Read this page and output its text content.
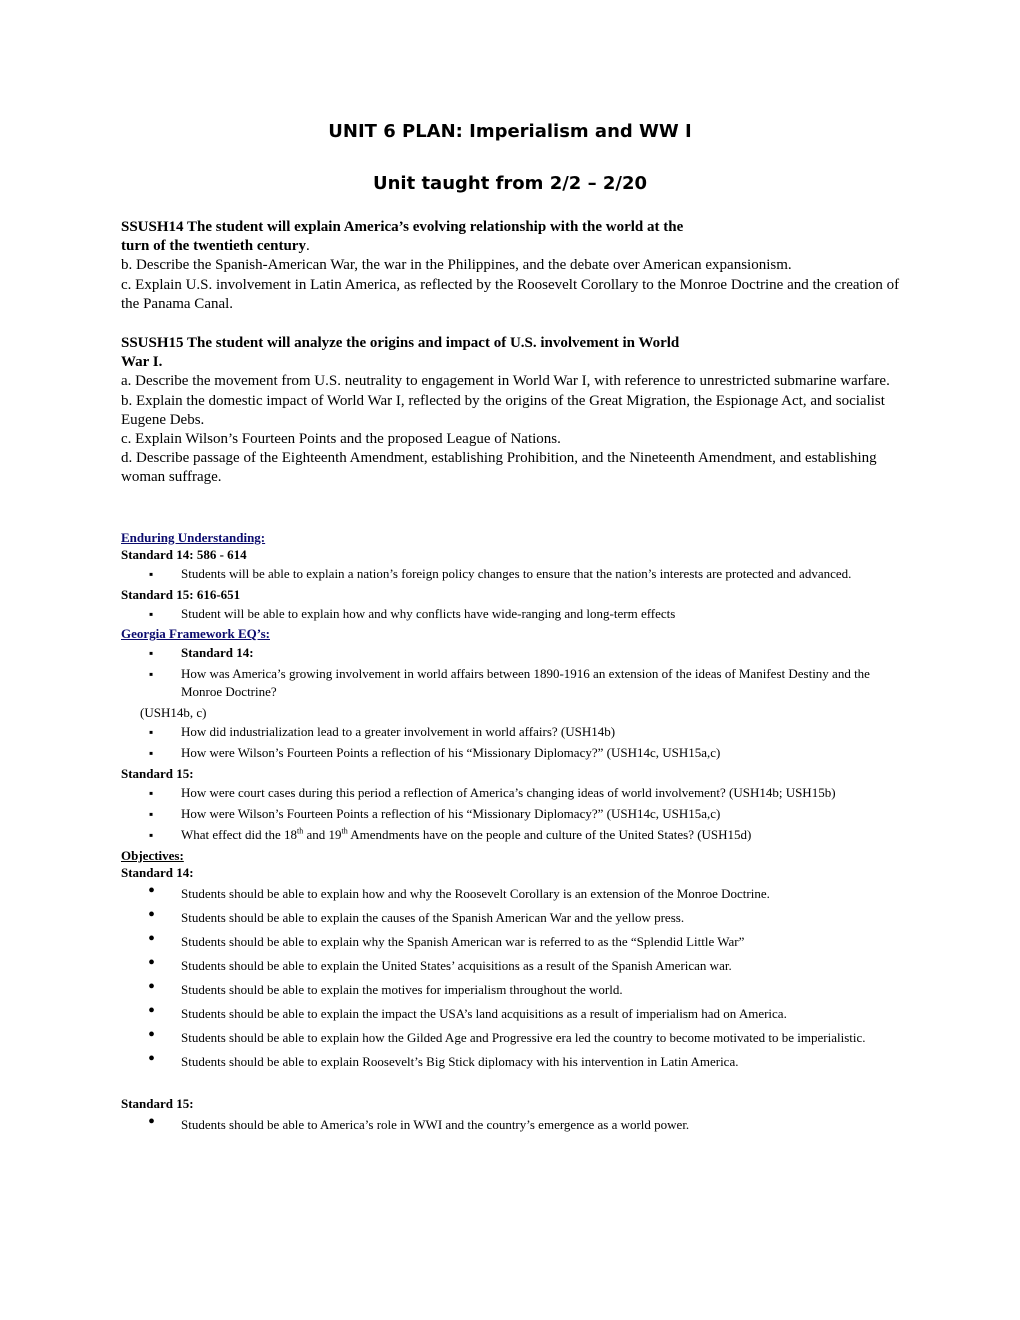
UNIT 6 PLAN: Imperialism and WW I
Unit taught from 2/2 – 2/20

SSUSH14 The student will explain America’s evolving relationship with the world at the
turn of the twentieth century.

b. Describe the Spanish-American War, the war in the Philippines, and the debate over American expansionism.

c. Explain U.S. involvement in Latin America, as reflected by the Roosevelt Corollary to the Monroe Doctrine and the creation of the Panama Canal.

SSUSH15 The student will analyze the origins and impact of U.S. involvement in World
War I.

a. Describe the movement from U.S. neutrality to engagement in World War I, with reference to unrestricted submarine warfare.

b. Explain the domestic impact of World War I, reflected by the origins of the Great Migration, the Espionage Act, and socialist Eugene Debs.

c. Explain Wilson’s Fourteen Points and the proposed League of Nations.

d. Describe passage of the Eighteenth Amendment, establishing Prohibition, and the Nineteenth Amendment, and establishing woman suffrage.

Enduring Understanding:

Standard 14: 586 - 614

▪ Students will be able to explain a nation’s foreign policy changes to ensure that the nation’s interests are protected and advanced.

Standard 15: 616-651

▪ Student will be able to explain how and why conflicts have wide-ranging and long-term effects

Georgia Framework EQ’s:

▪ Standard 14:
▪ How was America’s growing involvement in world affairs between 1890-1916 an extension of the ideas of Manifest Destiny and the Monroe Doctrine?

(USH14b, c)

▪ How did industrialization lead to a greater involvement in world affairs? (USH14b)
▪ How were Wilson’s Fourteen Points a reflection of his “Missionary Diplomacy?” (USH14c, USH15a,c)

Standard 15:

▪ How were court cases during this period a reflection of America’s changing ideas of world involvement? (USH14b; USH15b)
▪ How were Wilson’s Fourteen Points a reflection of his “Missionary Diplomacy?” (USH14c, USH15a,c)
▪ What effect did the 18th and 19th Amendments have on the people and culture of the United States? (USH15d)

Objectives:

Standard 14:

• Students should be able to explain how and why the Roosevelt Corollary is an extension of the Monroe Doctrine.
• Students should be able to explain the causes of the Spanish American War and the yellow press.
• Students should be able to explain why the Spanish American war is referred to as the “Splendid Little War”
• Students should be able to explain the United States’ acquisitions as a result of the Spanish American war.
• Students should be able to explain the motives for imperialism throughout the world.
• Students should be able to explain the impact the USA’s land acquisitions as a result of imperialism had on America.
• Students should be able to explain how the Gilded Age and Progressive era led the country to become motivated to be imperialistic.
• Students should be able to explain Roosevelt’s Big Stick diplomacy with his intervention in Latin America.

Standard 15:

• Students should be able to America’s role in WWI and the country’s emergence as a world power.
